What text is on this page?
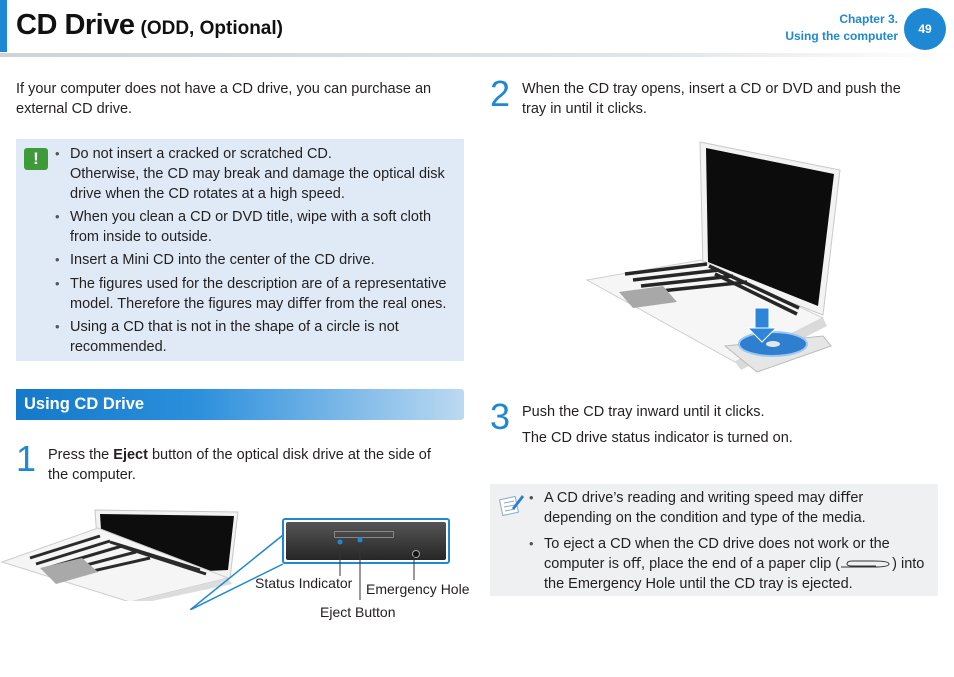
CD Drive (ODD, Optional)	Chapter 3.
Using the computer	49
If your computer does not have a CD drive, you can purchase an
external CD drive.
!
•	Do not insert a cracked or scratched CD.
Otherwise, the CD may break and damage the optical disk
drive when the CD rotates at a high speed.
• When you clean a CD or DVD title, wipe with a soft cloth
from inside to outside.
• Insert a Mini CD into the center of the CD drive.
• The ﬁgures used for the description are of a representative
model. Therefore the ﬁgures may diﬀer from the real ones.
• Using a CD that is not in the shape of a circle is not
recommended.
Using CD Drive
1 Press the Eject button of the optical disk drive at the side of
the computer.
Status Indicator Emergency Hole
Eject Button
2 When the CD tray opens, insert a CD or DVD and push the
tray in until it clicks.
3 Push the CD tray inward until it clicks.
The CD drive status indicator is turned on.
• A CD drive’s reading and writing speed may diﬀer
depending on the condition and type of the media.
• To eject a CD when the CD drive does not work or the
computer is oﬀ, place the end of a paper clip (	) into
the Emergency Hole until the CD tray is ejected.
